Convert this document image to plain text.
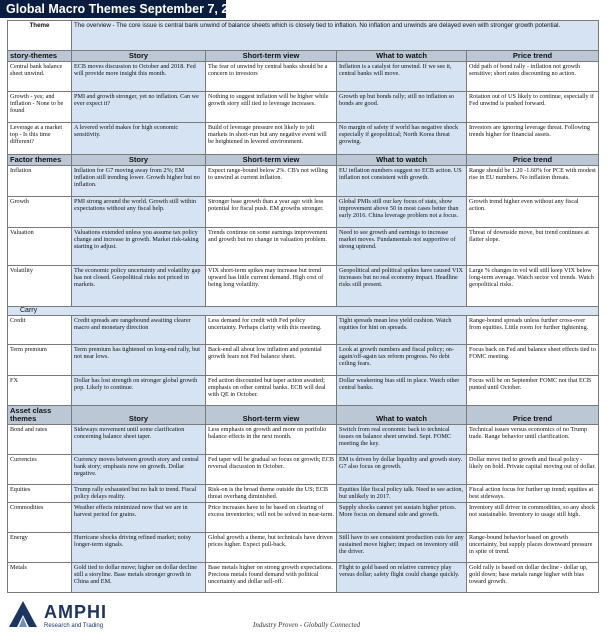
Global Macro Themes September 7, 2017
Theme	The overview - The core issue is central bank unwind of balance sheets which is closely tied to inflation. No inflation and unwinds are delayed even with stronger growth potential.			
story-themes	Story	Short-term view	What to watch	Price trend
Central bank balance sheet unwind.	ECB moves discussion to October and 2018. Fed will provide more insight this month.	The fear of unwind by central banks should be a concern to investors	Inflation is a catalyst for unwind. If we see it, central banks will move.	Odd path of bond rally - inflation not growth sensitive; short rates discounting no action.
Growth - yes; and inflation - None to be found	PMI and growth stronger, yet no inflation. Can we ever expect it?	Nothing to suggest inflation will be higher while growth story still tied to leverage increases.	Growth up but bonds rally; still no inflation so bonds are good.	Rotation out of US likely to continue, especially if Fed unwind is pushed forward.
Leverage at a market top - Is this time different?	A levered world makes for high economic sensitivity.	Build of leverage pressure not likely to jolt markets in short-run but any negative event will be heightened in levered environment.	No margin of safety if world has negative shock especially if geopolitical; North Korea threat growing.	Investors are ignoring leverage threat. Following trends higher for financial assets.
Factor themes	Story	Short-term view	What to watch	Price trend
Inflation	Inflation for G7 moving away from 2%; EM inflation still trending lower. Growth higher but no inflation.	Expect range-bound below 2%. CB's not willing to unwind at current inflation.	EU inflation numbers suggest no ECB action. US inflation not consistent with growth.	Range should be 1.20 -1.60% for PCE with modest rise in EU numbers. No inflation threats.
Growth	PMI strong around the world. Growth still within expectations without any fiscal help.	Stronger base growth than a year ago with less potential for fiscal push. EM growths stronger.	Global PMIs still our key focus of stats, show improvement above 50 in most cases better than early 2016. China leverage problem not a focus.	Growth trend higher even without any fiscal action.
Valuation	Valuations extended unless you assume tax policy change and increase in growth. Market risk-taking starting to adjust.	Trends continue on some earnings improvement and growth but no change in valuation problem.	Need to see growth and earnings to increase market moves. Fundamentals not supportive of strong uptrend.	Threat of downside move, but trend continues at flatter slope.
Volatility	The economic policy uncertainty and volatility gap has not closed. Geopolitical risks not priced in markets.	VIX short-term spikes may increase but trend upward has little current demand. High cost of being long volatility.	Geopolitical and political spikes have caused VIX increases but no real economy impact. Headline risks still present.	Large % changes in vol will still keep VIX below long-term average. Watch sector vol trends. Watch geopolitical risks.
Carry				
Credit	Credit spreads are rangebound awaiting clearer macro and monetary direction	Less demand for credit with Fed policy uncertainty. Perhaps clarity with this meeting.	Tight spreads mean less yield cushion. Watch equities for hint on spreads.	Range-bound spreads unless further cross-over from equities. Little room for further tightening.
Term premium	Term premium has tightened on long-end rally, but not near lows.	Back-end all about low inflation and potential growth fears not Fed balance sheet.	Look at growth numbers and fiscal policy; on-again/off-again tax reform progress. No debt ceiling fears.	Focus back on Fed and balance sheet effects tied to FOMC meeting.
FX	Dollar has lost strength on stronger global growth pop. Likely to continue.	Fed action discounted but taper action awaited; emphasis on other central banks. ECB will deal with QE in October.	Dollar weakening bias still in place. Watch other central banks.	Focus will be on September FOMC not that ECB punted until October.
Asset class themes	Story	Short-term view	What to watch	Price trend
Bond and rates	Sideways movement until some clarification concerning balance sheet taper.	Less emphasis on growth and more on portfolio balance effects in the next month.	Switch from real economic back to technical issues on balance sheet unwind. Sept. FOMC meeting the key.	Technical issues versus economics of no Trump trade. Range behavior until clarification.
Currencies	Currency moves between growth story and central bank story; emphasis now on growth. Dollar negative.	Fed taper will be gradual so focus on growth; ECB reversal discussion in October.	EM is driven by dollar liquidity and growth story. G7 also focus on growth.	Dollar move tied to growth and fiscal policy - likely on hold. Private capital moving out of dollar.
Equities	Trump rally exhausted but no halt to trend. Fiscal policy delays reality.	Risk-on is the broad theme outside the US; ECB threat overhang diminished.	Equities like fiscal policy talk. Need to see action, but unlikely in 2017.	Fiscal action focus for further up trend; equities at best sideways.
Commodities	Weather effects minimized now that we are in harvest period for grains.	Price increases have to be based on clearing of excess inventories; will not be solved in near-term.	Supply shocks cannot yet sustain higher prices. More focus on demand side and growth.	Inventory still driver in commodities, so any shock not sustainable. Inventory to usage still high.
Energy	Hurricane shocks driving refined market; noisy longer-term signals.	Global growth a theme, but technicals have driven prices higher. Expect pull-back.	Still have to see consistent production cuts for any sustained move higher; impact on inventory still the driver.	Range-bound behavior based on growth uncertainty, but supply places downward pressure in spite of trend.
Metals	Gold tied to dollar move; higher on dollar decline still a storyline. Base metals stronger growth in China and EM.	Base metals higher on strong growth expectations. Precious metals found demand with political uncertainty and dollar sell-off.	Flight to gold based on relative currency play versus dollar; safety flight could change quickly.	Gold rally is based on dollar decline - dollar up, gold down; base metals range higher with bias toward growth.
AMPHI
Research and Trading	Industry Proven - Globally Connected
